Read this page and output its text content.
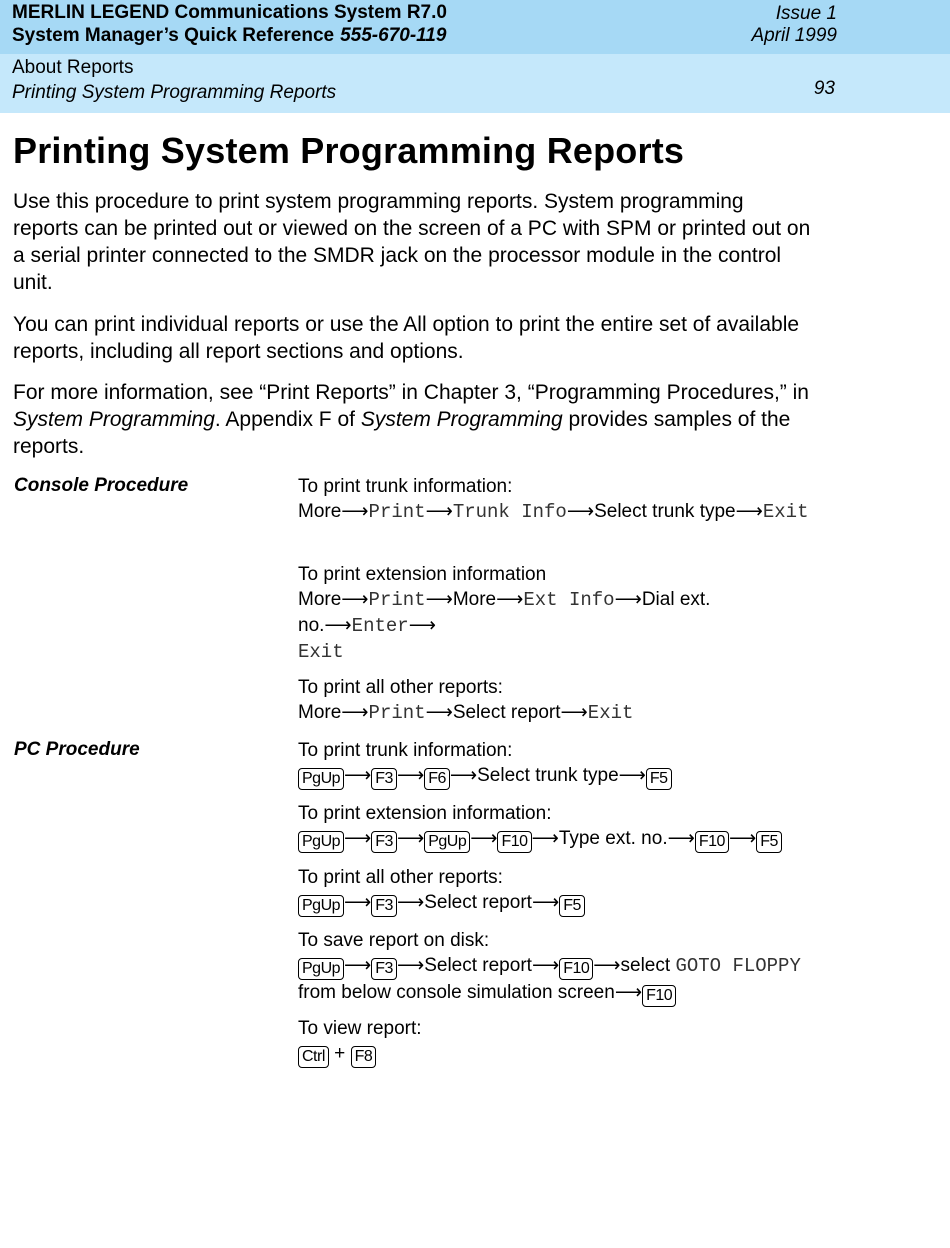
MERLIN LEGEND Communications System R7.0
System Manager’s Quick Reference 555-670-119
Issue 1
April 1999
About Reports
Printing System Programming Reports	93
Printing System Programming Reports

Use this procedure to print system programming reports. System programming reports can be printed out or viewed on the screen of a PC with SPM or printed out on a serial printer connected to the SMDR jack on the processor module in the control unit.

You can print individual reports or use the All option to print the entire set of available reports, including all report sections and options.

For more information, see “Print Reports” in Chapter 3, “Programming Procedures,” in System Programming. Appendix F of System Programming provides samples of the reports.

Console Procedure	To print trunk information:
More⟶Print⟶Trunk Info⟶Select trunk type⟶Exit
To print extension information
More⟶Print⟶More⟶Ext Info⟶Dial ext. no.⟶Enter⟶
Exit
To print all other reports:
More⟶Print⟶Select report⟶Exit
PC Procedure	To print trunk information:
PgUp ⟶ F3 ⟶ F6 ⟶Select trunk type⟶ F5
To print extension information:
PgUp ⟶ F3 ⟶ PgUp ⟶ F10 ⟶Type ext. no.⟶ F10 ⟶ F5
To print all other reports:
PgUp ⟶ F3 ⟶Select report⟶ F5
To save report on disk:
PgUp ⟶ F3 ⟶Select report⟶ F10 ⟶select GOTO FLOPPY from below console simulation screen⟶ F10
To view report:
Ctrl + F8
